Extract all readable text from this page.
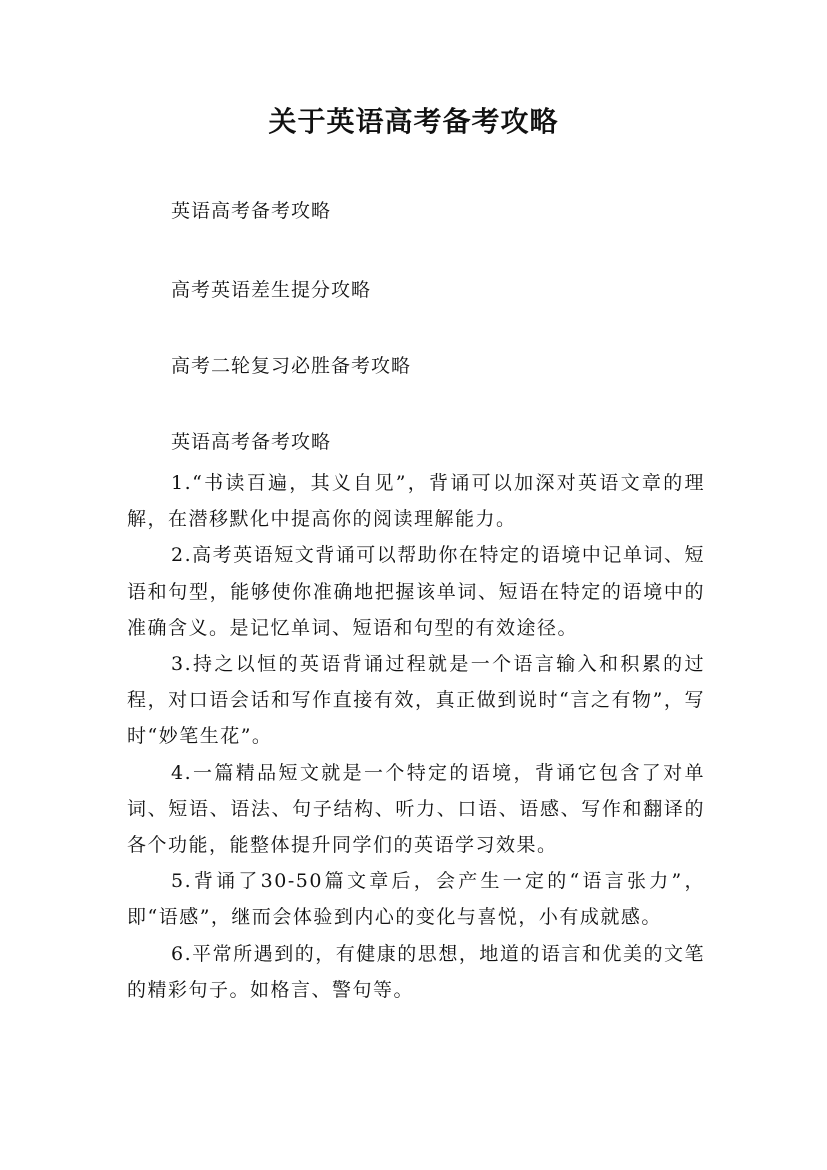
关于英语高考备考攻略
英语高考备考攻略
高考英语差生提分攻略
高考二轮复习必胜备考攻略
英语高考备考攻略

1.“书读百遍，其义自见”，背诵可以加深对英语文章的理解，在潜移默化中提高你的阅读理解能力。

2.高考英语短文背诵可以帮助你在特定的语境中记单词、短语和句型，能够使你准确地把握该单词、短语在特定的语境中的准确含义。是记忆单词、短语和句型的有效途径。

3.持之以恒的英语背诵过程就是一个语言输入和积累的过程，对口语会话和写作直接有效，真正做到说时“言之有物”，写时“妙笔生花”。

4.一篇精品短文就是一个特定的语境，背诵它包含了对单词、短语、语法、句子结构、听力、口语、语感、写作和翻译的各个功能，能整体提升同学们的英语学习效果。

5.背诵了30-50篇文章后，会产生一定的“语言张力”，即“语感”，继而会体验到内心的变化与喜悦，小有成就感。

6.平常所遇到的，有健康的思想，地道的语言和优美的文笔的精彩句子。如格言、警句等。
